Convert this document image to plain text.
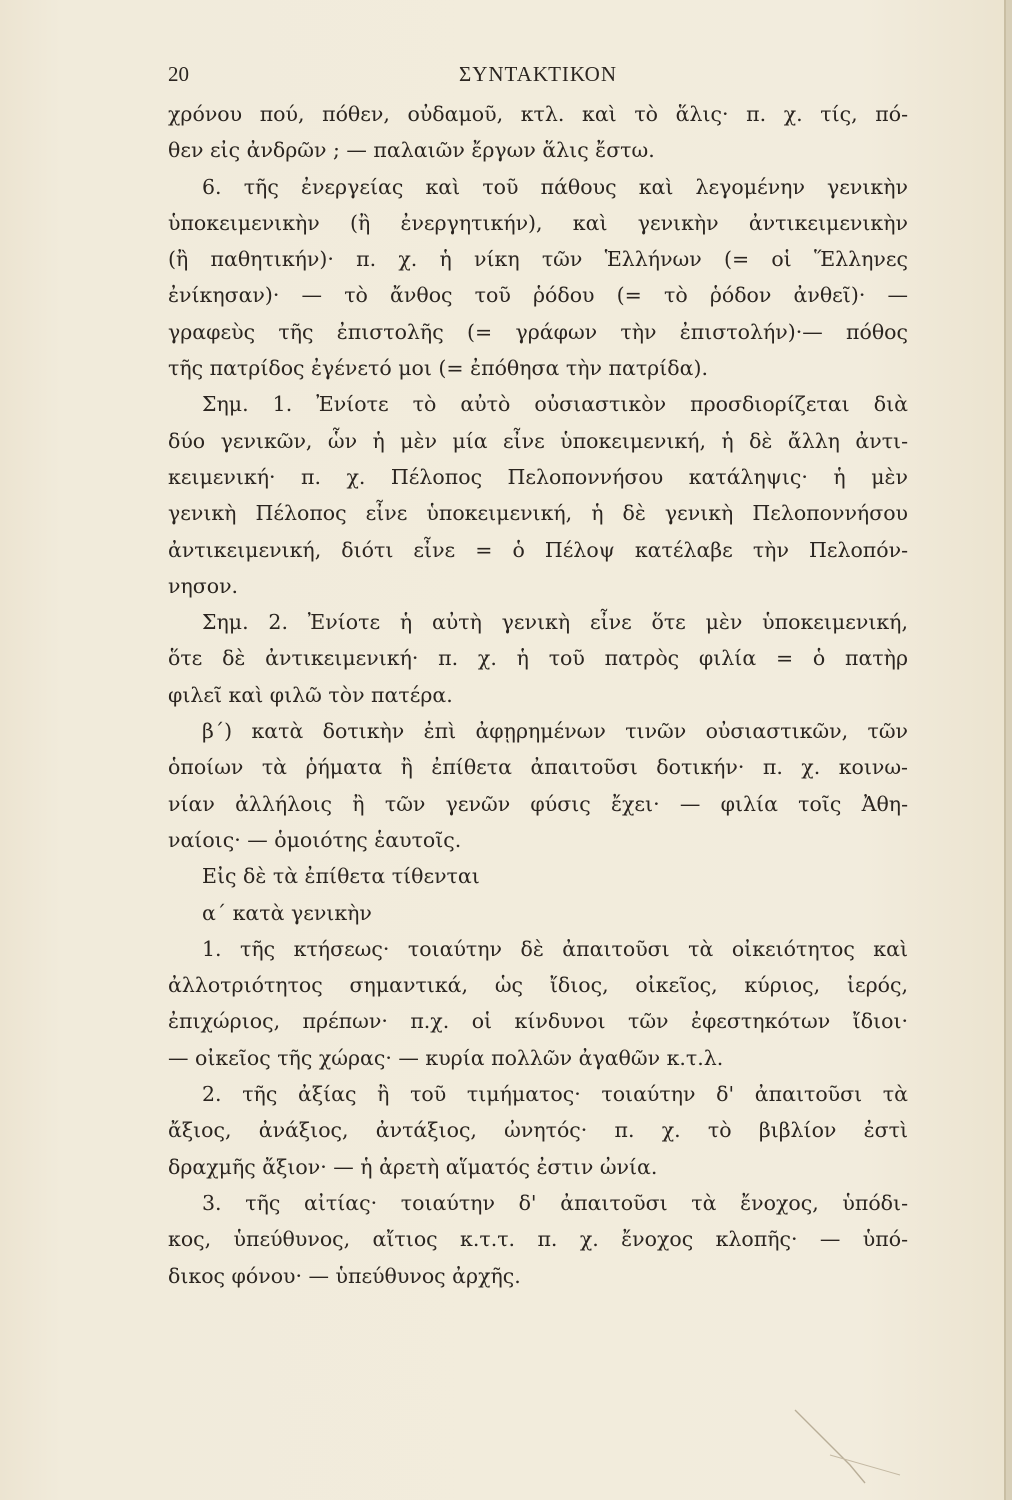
20	ΣΥΝΤΑΚΤΙΚΟΝ

χρόνου πού, πόθεν, οὐδαμοῦ, κτλ. καὶ τὸ ἅλις· π. χ. τίς, πό-

θεν εἰς ἀνδρῶν ; — παλαιῶν ἔργων ἅλις ἔστω.

6. τῆς ἐνεργείας καὶ τοῦ πάθους καὶ λεγομένην γενικὴν

ὑποκειμενικὴν (ἢ ἐνεργητικήν), καὶ γενικὴν ἀντικειμενικὴν

(ἢ παθητικήν)· π. χ. ἡ νίκη τῶν Ἑλλήνων (= οἱ Ἕλληνες

ἐνίκησαν)· — τὸ ἄνθος τοῦ ῥόδου (= τὸ ῥόδον ἀνθεῖ)· —

γραφεὺς τῆς ἐπιστολῆς (= γράφων τὴν ἐπιστολήν)·— πόθος

τῆς πατρίδος ἐγένετό μοι (= ἐπόθησα τὴν πατρίδα).

Σημ. 1. Ἐνίοτε τὸ αὐτὸ οὐσιαστικὸν προσδιορίζεται διὰ

δύο γενικῶν, ὧν ἡ μὲν μία εἶνε ὑποκειμενική, ἡ δὲ ἄλλη ἀντι-

κειμενική· π. χ. Πέλοπος Πελοποννήσου κατάληψις· ἡ μὲν

γενικὴ Πέλοπος εἶνε ὑποκειμενική, ἡ δὲ γενικὴ Πελοποννήσου

ἀντικειμενική, διότι εἶνε = ὁ Πέλοψ κατέλαβε τὴν Πελοπόν-

νησον.

Σημ. 2. Ἐνίοτε ἡ αὐτὴ γενικὴ εἶνε ὅτε μὲν ὑποκειμενική,

ὅτε δὲ ἀντικειμενική· π. χ. ἡ τοῦ πατρὸς φιλία = ὁ πατὴρ

φιλεῖ καὶ φιλῶ τὸν πατέρα.

β΄) κατὰ δοτικὴν ἐπὶ ἀφῃρημένων τινῶν οὐσιαστικῶν, τῶν

ὁποίων τὰ ῥήματα ἢ ἐπίθετα ἀπαιτοῦσι δοτικήν· π. χ. κοινω-

νίαν ἀλλήλοις ἢ τῶν γενῶν φύσις ἔχει· — φιλία τοῖς Ἀθη-

ναίοις· — ὁμοιότης ἑαυτοῖς.

Εἰς δὲ τὰ ἐπίθετα τίθενται

α΄ κατὰ γενικὴν

1. τῆς κτήσεως· τοιαύτην δὲ ἀπαιτοῦσι τὰ οἰκειότητος καὶ

ἀλλοτριότητος σημαντικά, ὡς ἴδιος, οἰκεῖος, κύριος, ἱερός,

ἐπιχώριος, πρέπων· π.χ. οἱ κίνδυνοι τῶν ἐφεστηκότων ἴδιοι·

— οἰκεῖος τῆς χώρας· — κυρία πολλῶν ἀγαθῶν κ.τ.λ.

2. τῆς ἀξίας ἢ τοῦ τιμήματος· τοιαύτην δ' ἀπαιτοῦσι τὰ

ἄξιος, ἀνάξιος, ἀντάξιος, ὠνητός· π. χ. τὸ βιβλίον ἐστὶ

δραχμῆς ἄξιον· — ἡ ἀρετὴ αἵματός ἐστιν ὠνία.

3. τῆς αἰτίας· τοιαύτην δ' ἀπαιτοῦσι τὰ ἔνοχος, ὑπόδι-

κος, ὑπεύθυνος, αἴτιος κ.τ.τ. π. χ. ἔνοχος κλοπῆς· — ὑπό-

δικος φόνου· — ὑπεύθυνος ἀρχῆς.
